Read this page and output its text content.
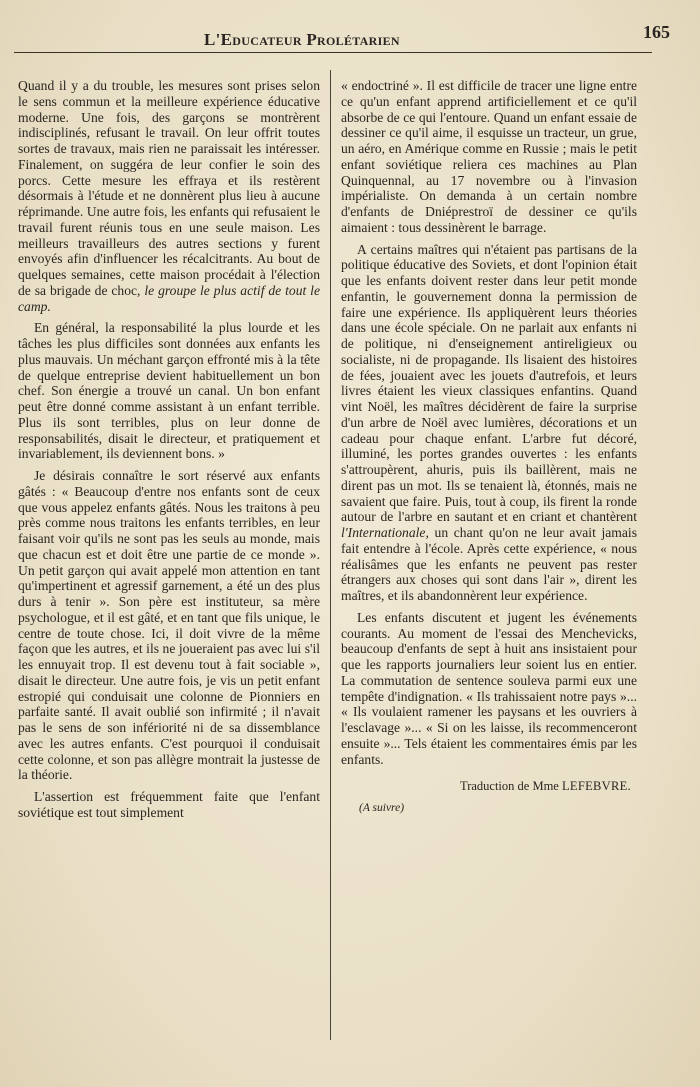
L'Educateur Prolétarien	165

Quand il y a du trouble, les mesures sont prises selon le sens commun et la meilleure expérience éducative moderne. Une fois, des garçons se montrèrent indisciplinés, refusant le travail. On leur offrit toutes sortes de travaux, mais rien ne paraissait les intéresser. Finalement, on suggéra de leur confier le soin des porcs. Cette mesure les effraya et ils restèrent désormais à l'étude et ne donnèrent plus lieu à aucune réprimande. Une autre fois, les enfants qui refusaient le travail furent réunis tous en une seule maison. Les meilleurs travailleurs des autres sections y furent envoyés afin d'influencer les récalcitrants. Au bout de quelques semaines, cette maison procédait à l'élection de sa brigade de choc, le groupe le plus actif de tout le camp.

En général, la responsabilité la plus lourde et les tâches les plus difficiles sont données aux enfants les plus mauvais. Un méchant garçon effronté mis à la tête de quelque entreprise devient habituellement un bon chef. Son énergie a trouvé un canal. Un bon enfant peut être donné comme assistant à un enfant terrible. Plus ils sont terribles, plus on leur donne de responsabilités, disait le directeur, et pratiquement et invariablement, ils deviennent bons. »

Je désirais connaître le sort réservé aux enfants gâtés : « Beaucoup d'entre nos enfants sont de ceux que vous appelez enfants gâtés. Nous les traitons à peu près comme nous traitons les enfants terribles, en leur faisant voir qu'ils ne sont pas les seuls au monde, mais que chacun est et doit être une partie de ce monde ». Un petit garçon qui avait appelé mon attention en tant qu'impertinent et agressif garnement, a été un des plus durs à tenir ». Son père est instituteur, sa mère psychologue, et il est gâté, et en tant que fils unique, le centre de toute chose. Ici, il doit vivre de la même façon que les autres, et ils ne joueraient pas avec lui s'il les ennuyait trop. Il est devenu tout à fait sociable », disait le directeur. Une autre fois, je vis un petit enfant estropié qui conduisait une colonne de Pionniers en parfaite santé. Il avait oublié son infirmité ; il n'avait pas le sens de son infériorité ni de sa dissemblance avec les autres enfants. C'est pourquoi il conduisait cette colonne, et son pas allègre montrait la justesse de la théorie.

L'assertion est fréquemment faite que l'enfant soviétique est tout simplement

« endoctriné ». Il est difficile de tracer une ligne entre ce qu'un enfant apprend artificiellement et ce qu'il absorbe de ce qui l'entoure. Quand un enfant essaie de dessiner ce qu'il aime, il esquisse un tracteur, un grue, un aéro, en Amérique comme en Russie ; mais le petit enfant soviétique reliera ces machines au Plan Quinquennal, au 17 novembre ou à l'invasion impérialiste. On demanda à un certain nombre d'enfants de Dniéprestroï de dessiner ce qu'ils aimaient : tous dessinèrent le barrage.

A certains maîtres qui n'étaient pas partisans de la politique éducative des Soviets, et dont l'opinion était que les enfants doivent rester dans leur petit monde enfantin, le gouvernement donna la permission de faire une expérience. Ils appliquèrent leurs théories dans une école spéciale. On ne parlait aux enfants ni de politique, ni d'enseignement antireligieux ou socialiste, ni de propagande. Ils lisaient des histoires de fées, jouaient avec les jouets d'autrefois, et leurs livres étaient les vieux classiques enfantins. Quand vint Noël, les maîtres décidèrent de faire la surprise d'un arbre de Noël avec lumières, décorations et un cadeau pour chaque enfant. L'arbre fut décoré, illuminé, les portes grandes ouvertes : les enfants s'attroupèrent, ahuris, puis ils baillèrent, mais ne dirent pas un mot. Ils se tenaient là, étonnés, mais ne savaient que faire. Puis, tout à coup, ils firent la ronde autour de l'arbre en sautant et en criant et chantèrent l'Internationale, un chant qu'on ne leur avait jamais fait entendre à l'école. Après cette expérience, « nous réalisâmes que les enfants ne peuvent pas rester étrangers aux choses qui sont dans l'air », dirent les maîtres, et ils abandonnèrent leur expérience.

Les enfants discutent et jugent les événements courants. Au moment de l'essai des Menchevicks, beaucoup d'enfants de sept à huit ans insistaient pour que les rapports journaliers leur soient lus en entier. La commutation de sentence souleva parmi eux une tempête d'indignation. « Ils trahissaient notre pays »... « Ils voulaient ramener les paysans et les ouvriers à l'esclavage »... « Si on les laisse, ils recommenceront ensuite »... Tels étaient les commentaires émis par les enfants.

Traduction de Mme LEFEBVRE.

(A suivre)
